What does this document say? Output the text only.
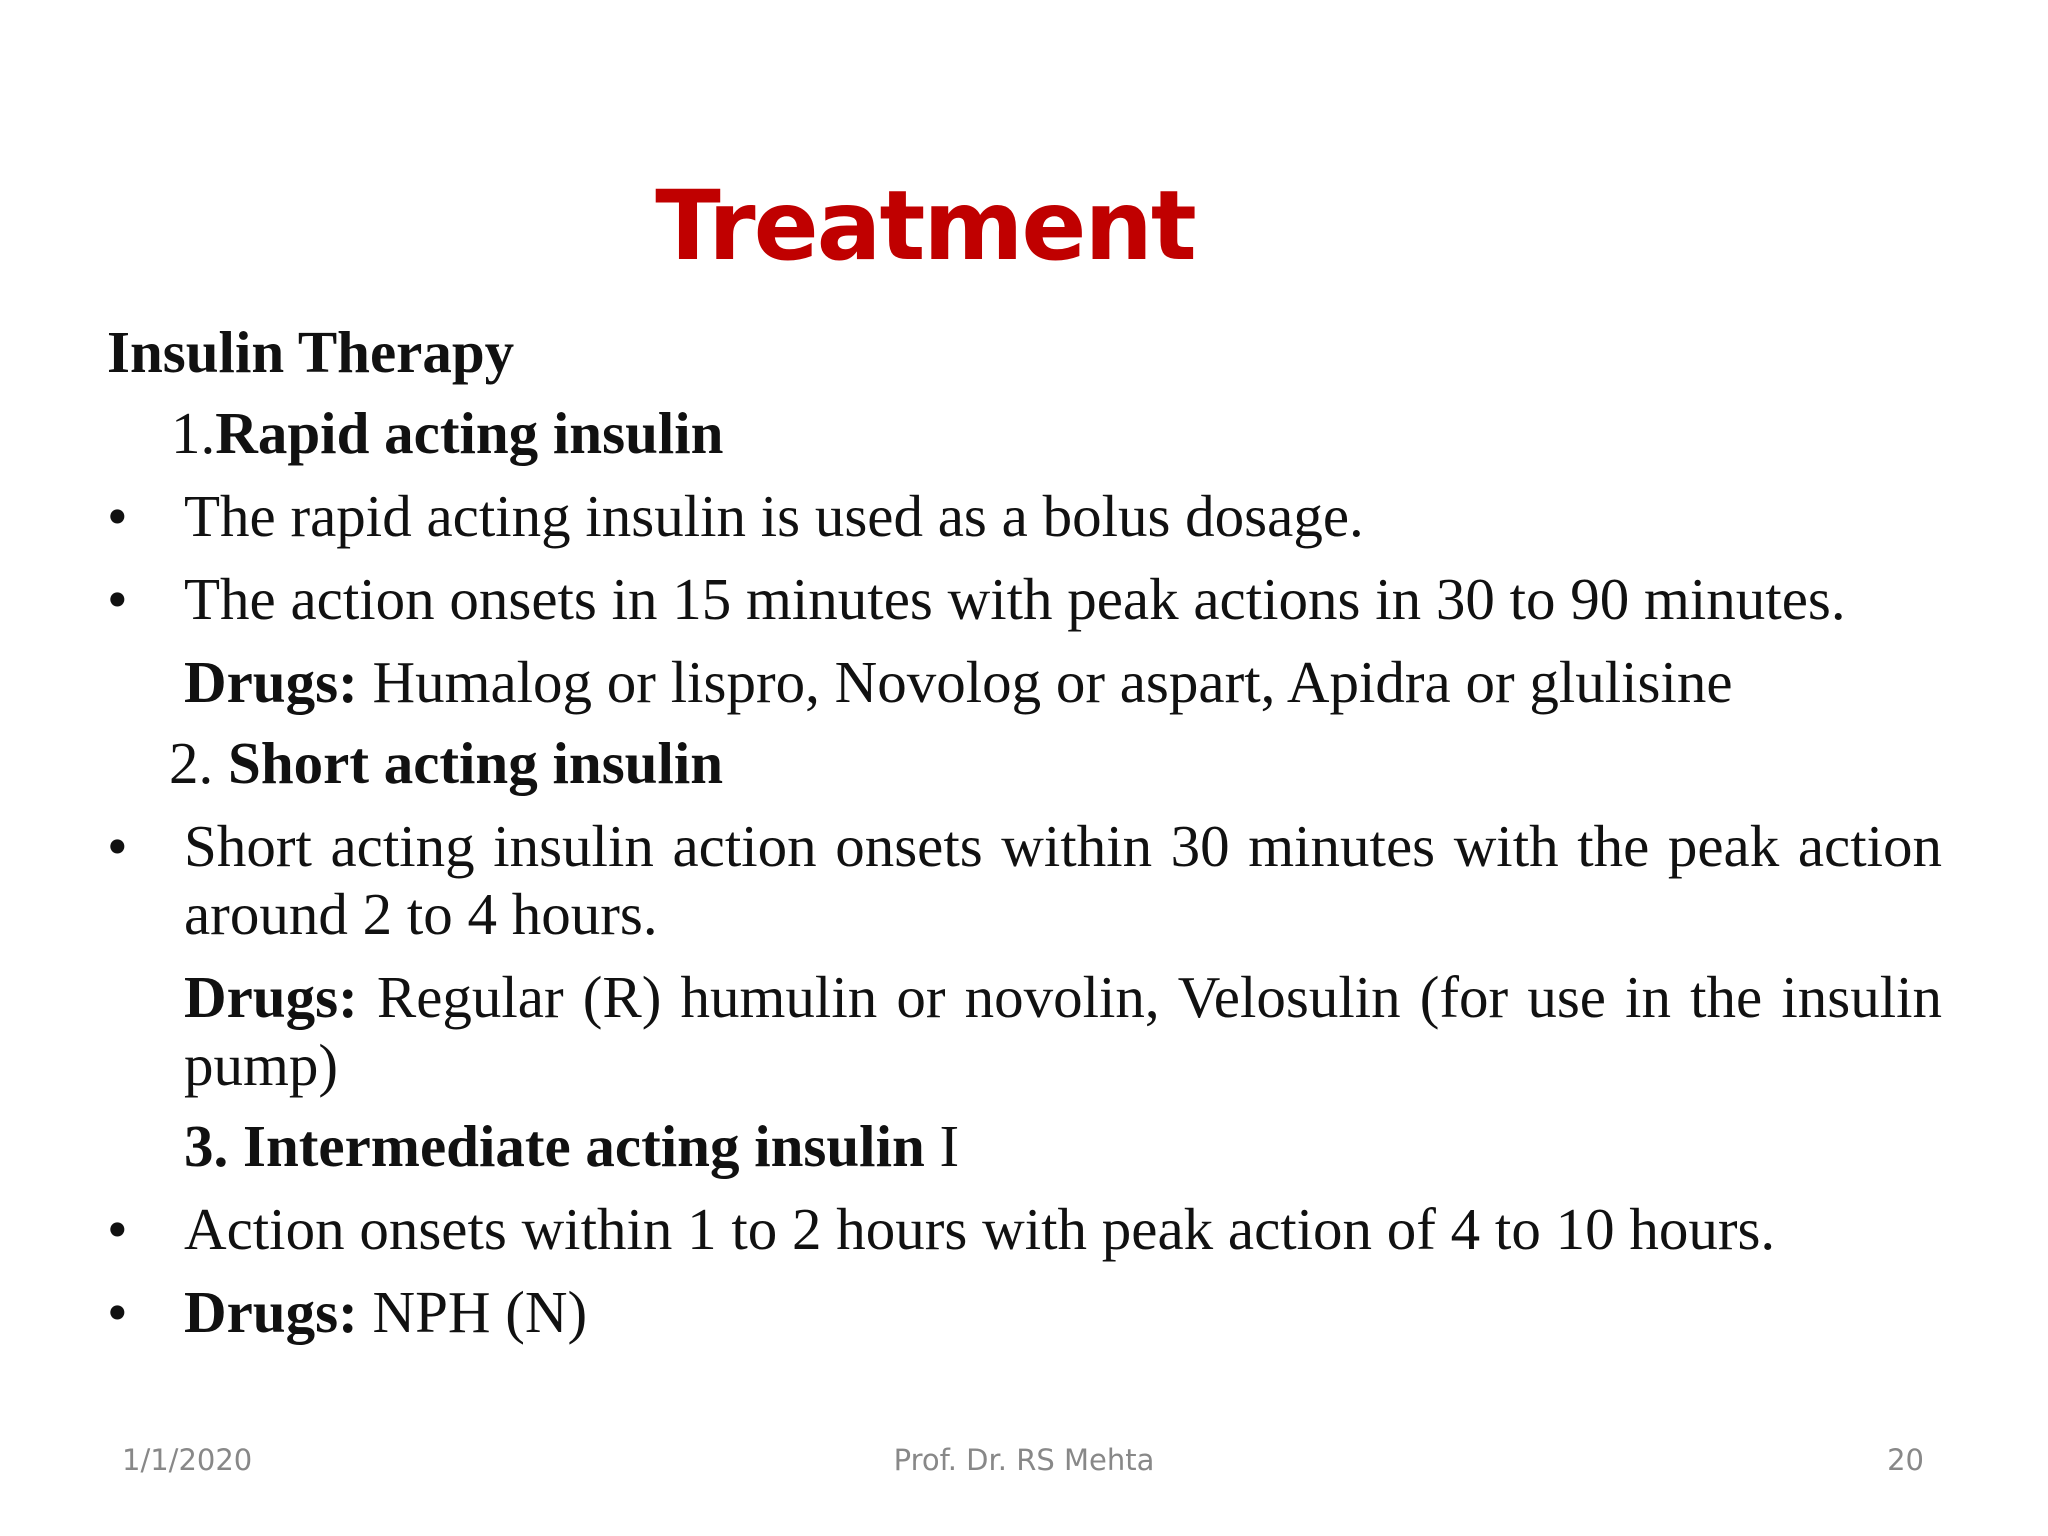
Treatment

Insulin Therapy

1.Rapid acting insulin
• The rapid acting insulin is used as a bolus dosage.
• The action onsets in 15 minutes with peak actions in 30 to 90 minutes.
Drugs: Humalog or lispro, Novolog or aspart, Apidra or glulisine
2. Short acting insulin
• Short acting insulin action onsets within 30 minutes with the peak action around 2 to 4 hours.
Drugs: Regular (R) humulin or novolin, Velosulin (for use in the insulin pump)
3. Intermediate acting insulin I
• Action onsets within 1 to 2 hours with peak action of 4 to 10 hours.
• Drugs: NPH (N)
1/1/2020	Prof. Dr. RS Mehta	20
